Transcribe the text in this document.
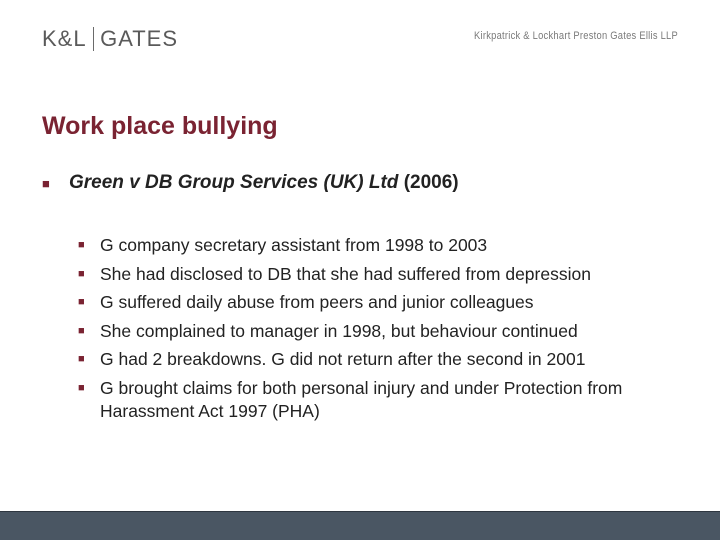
K&L GATES	Kirkpatrick & Lockhart Preston Gates Ellis LLP
Work place bullying
■	Green v DB Group Services (UK) Ltd (2006)
■ G company secretary assistant from 1998 to 2003
■ She had disclosed to DB that she had suffered from depression
■ G suffered daily abuse from peers and junior colleagues
■ She complained to manager in 1998, but behaviour continued
■ G had 2 breakdowns. G did not return after the second in 2001
■ G brought claims for both personal injury and under Protection from Harassment Act 1997 (PHA)
